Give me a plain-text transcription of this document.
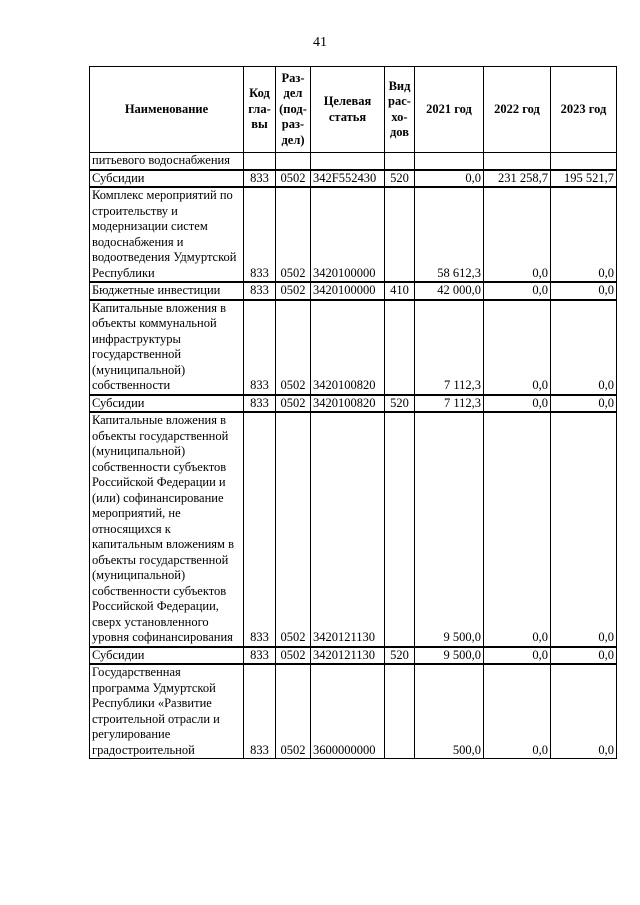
41
Наименование	Код гла-вы	Раз-дел (под-раз-дел)	Целевая статья	Вид рас-хо-дов	2021 год	2022 год	2023 год
питьевого водоснабжения							
Субсидии	833	0502	342F552430	520	0,0	231 258,7	195 521,7
Комплекс мероприятий по строительству и модернизации систем водоснабжения и водоотведения Удмуртской Республики	833	0502	3420100000		58 612,3	0,0	0,0
Бюджетные инвестиции	833	0502	3420100000	410	42 000,0	0,0	0,0
Капитальные вложения в объекты коммунальной инфраструктуры государственной (муниципальной) собственности	833	0502	3420100820		7 112,3	0,0	0,0
Субсидии	833	0502	3420100820	520	7 112,3	0,0	0,0
Капитальные вложения в объекты государственной (муниципальной) собственности субъектов Российской Федерации и (или) софинансирование мероприятий, не относящихся к капитальным вложениям в объекты государственной (муниципальной) собственности субъектов Российской Федерации, сверх установленного уровня софинансирования	833	0502	3420121130		9 500,0	0,0	0,0
Субсидии	833	0502	3420121130	520	9 500,0	0,0	0,0
Государственная программа Удмуртской Республики «Развитие строительной отрасли и регулирование градостроительной	833	0502	3600000000		500,0	0,0	0,0
